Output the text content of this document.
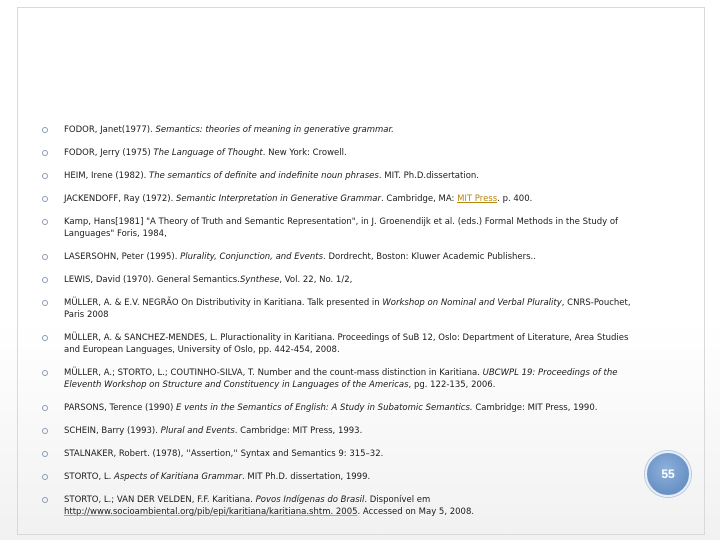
FODOR, Janet(1977). Semantics: theories of meaning in generative grammar.
FODOR, Jerry (1975) The Language of Thought. New York: Crowell.
HEIM, Irene (1982). The semantics of definite and indefinite noun phrases. MIT. Ph.D.dissertation.
JACKENDOFF, Ray (1972). Semantic Interpretation in Generative Grammar. Cambridge, MA: MIT Press. p. 400.
Kamp, Hans[1981] "A Theory of Truth and Semantic Representation", in J. Groenendijk et al. (eds.) Formal Methods in the Study of Languages" Foris, 1984,
LASERSOHN, Peter (1995). Plurality, Conjunction, and Events. Dordrecht, Boston: Kluwer Academic Publishers..
LEWIS, David (1970). General Semantics.Synthese, Vol. 22, No. 1/2,
MÜLLER, A. & E.V. NEGRÃO On Distributivity in Karitiana. Talk presented in Workshop on Nominal and Verbal Plurality, CNRS-Pouchet, Paris 2008
MÜLLER, A. & SANCHEZ-MENDES, L. Pluractionality in Karitiana. Proceedings of SuB 12, Oslo: Department of Literature, Area Studies and European Languages, University of Oslo, pp. 442-454, 2008.
MÜLLER, A.; STORTO, L.; COUTINHO-SILVA, T. Number and the count-mass distinction in Karitiana. UBCWPL 19: Proceedings of the Eleventh Workshop on Structure and Constituency in Languages of the Americas, pg. 122-135, 2006.
PARSONS, Terence (1990) E vents in the Semantics of English: A Study in Subatomic Semantics. Cambridge: MIT Press, 1990.
SCHEIN, Barry (1993). Plural and Events. Cambridge: MIT Press, 1993.
STALNAKER, Robert. (1978), ''Assertion,'' Syntax and Semantics 9: 315–32.
STORTO, L. Aspects of Karitiana Grammar. MIT Ph.D. dissertation, 1999.
STORTO, L.; VAN DER VELDEN, F.F. Karitiana. Povos Indígenas do Brasil. Disponível em http://www.socioambiental.org/pib/epi/karitiana/karitiana.shtm. 2005. Accessed on May 5, 2008.
55
